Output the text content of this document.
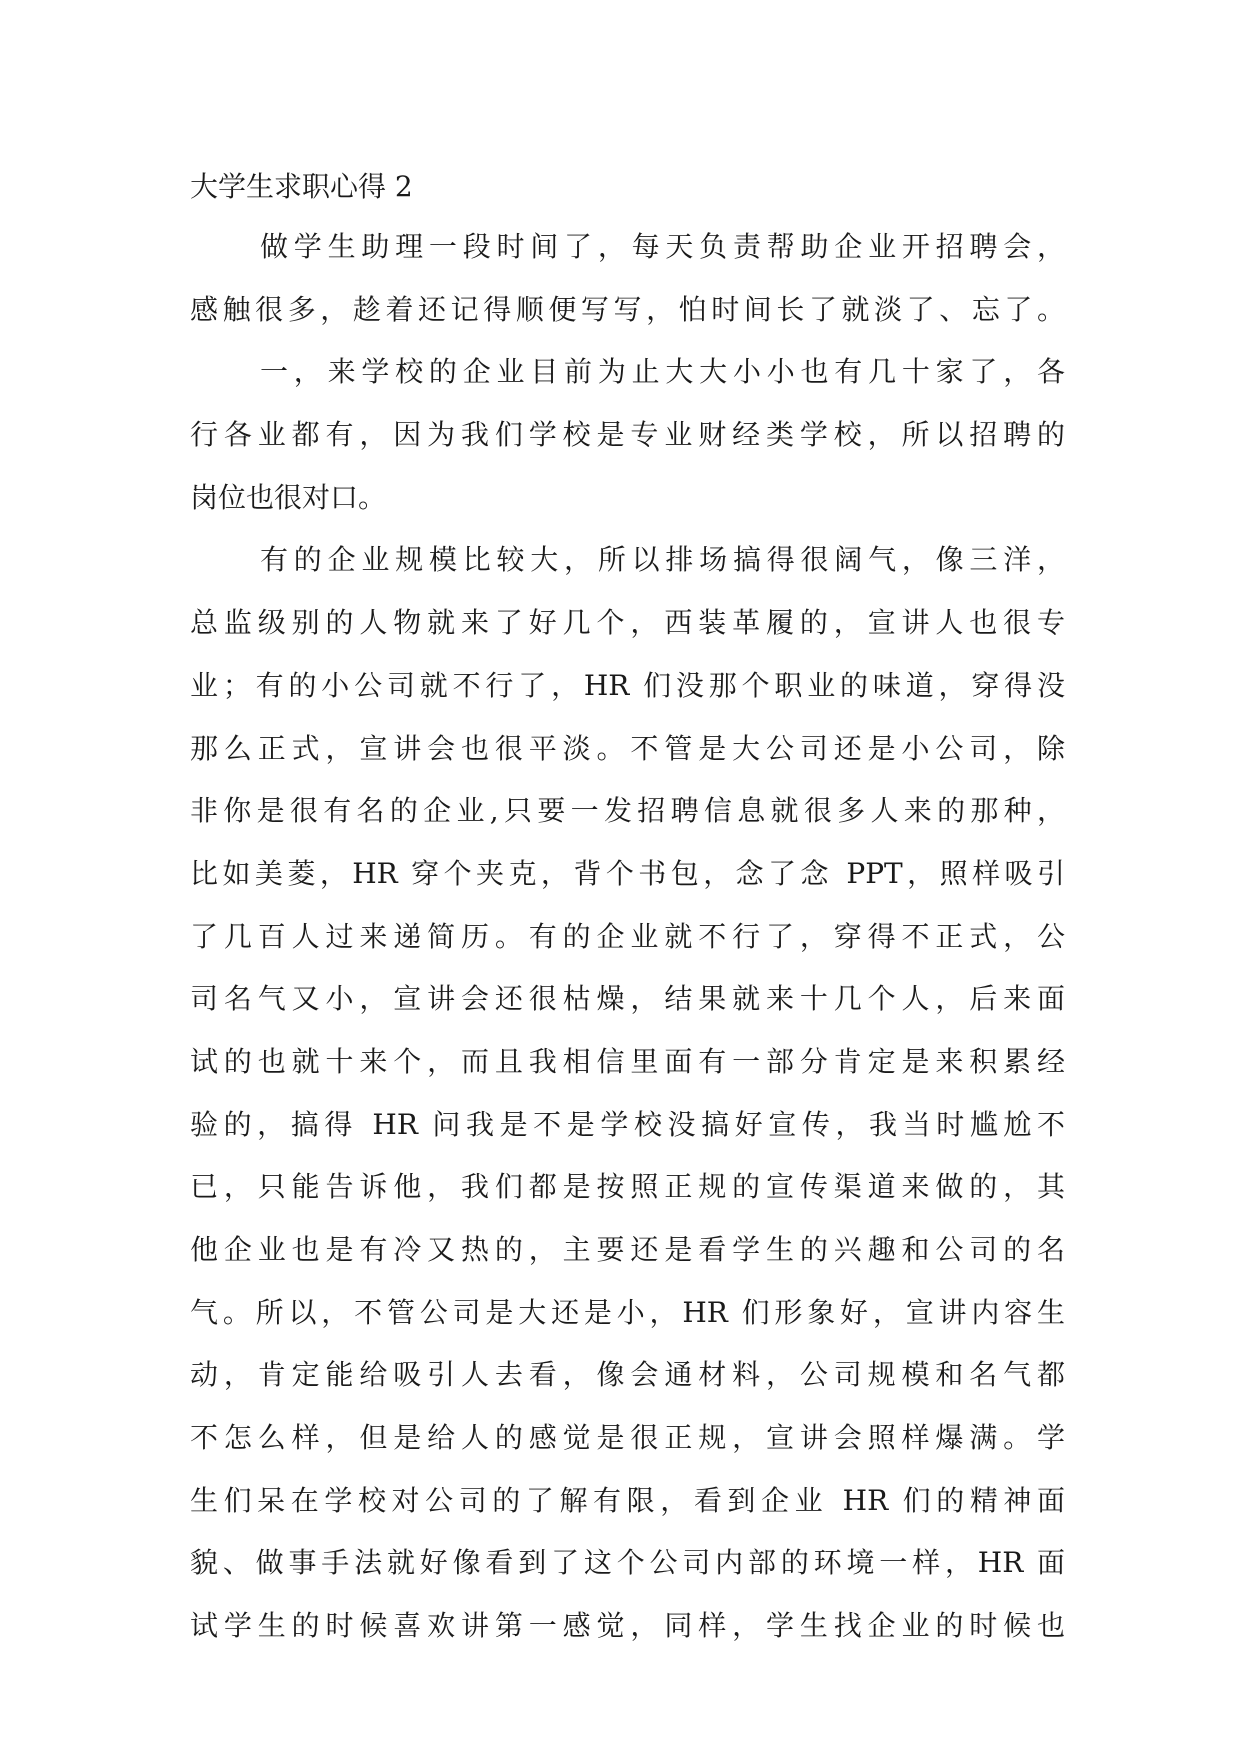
大学生求职心得 2
做学生助理一段时间了，每天负责帮助企业开招聘会，
感触很多，趁着还记得顺便写写，怕时间长了就淡了、忘了。
一，来学校的企业目前为止大大小小也有几十家了，各
行各业都有，因为我们学校是专业财经类学校，所以招聘的
岗位也很对口。
有的企业规模比较大，所以排场搞得很阔气，像三洋，
总监级别的人物就来了好几个，西装革履的，宣讲人也很专
业；有的小公司就不行了，HR 们没那个职业的味道，穿得没
那么正式，宣讲会也很平淡。不管是大公司还是小公司，除
非你是很有名的企业,只要一发招聘信息就很多人来的那种，
比如美菱，HR 穿个夹克，背个书包，念了念 PPT，照样吸引
了几百人过来递简历。有的企业就不行了，穿得不正式，公
司名气又小，宣讲会还很枯燥，结果就来十几个人，后来面
试的也就十来个，而且我相信里面有一部分肯定是来积累经
验的，搞得 HR 问我是不是学校没搞好宣传，我当时尴尬不
已，只能告诉他，我们都是按照正规的宣传渠道来做的，其
他企业也是有冷又热的，主要还是看学生的兴趣和公司的名
气。所以，不管公司是大还是小，HR 们形象好，宣讲内容生
动，肯定能给吸引人去看，像会通材料，公司规模和名气都
不怎么样，但是给人的感觉是很正规，宣讲会照样爆满。学
生们呆在学校对公司的了解有限，看到企业 HR 们的精神面
貌、做事手法就好像看到了这个公司内部的环境一样，HR 面
试学生的时候喜欢讲第一感觉，同样，学生找企业的时候也
